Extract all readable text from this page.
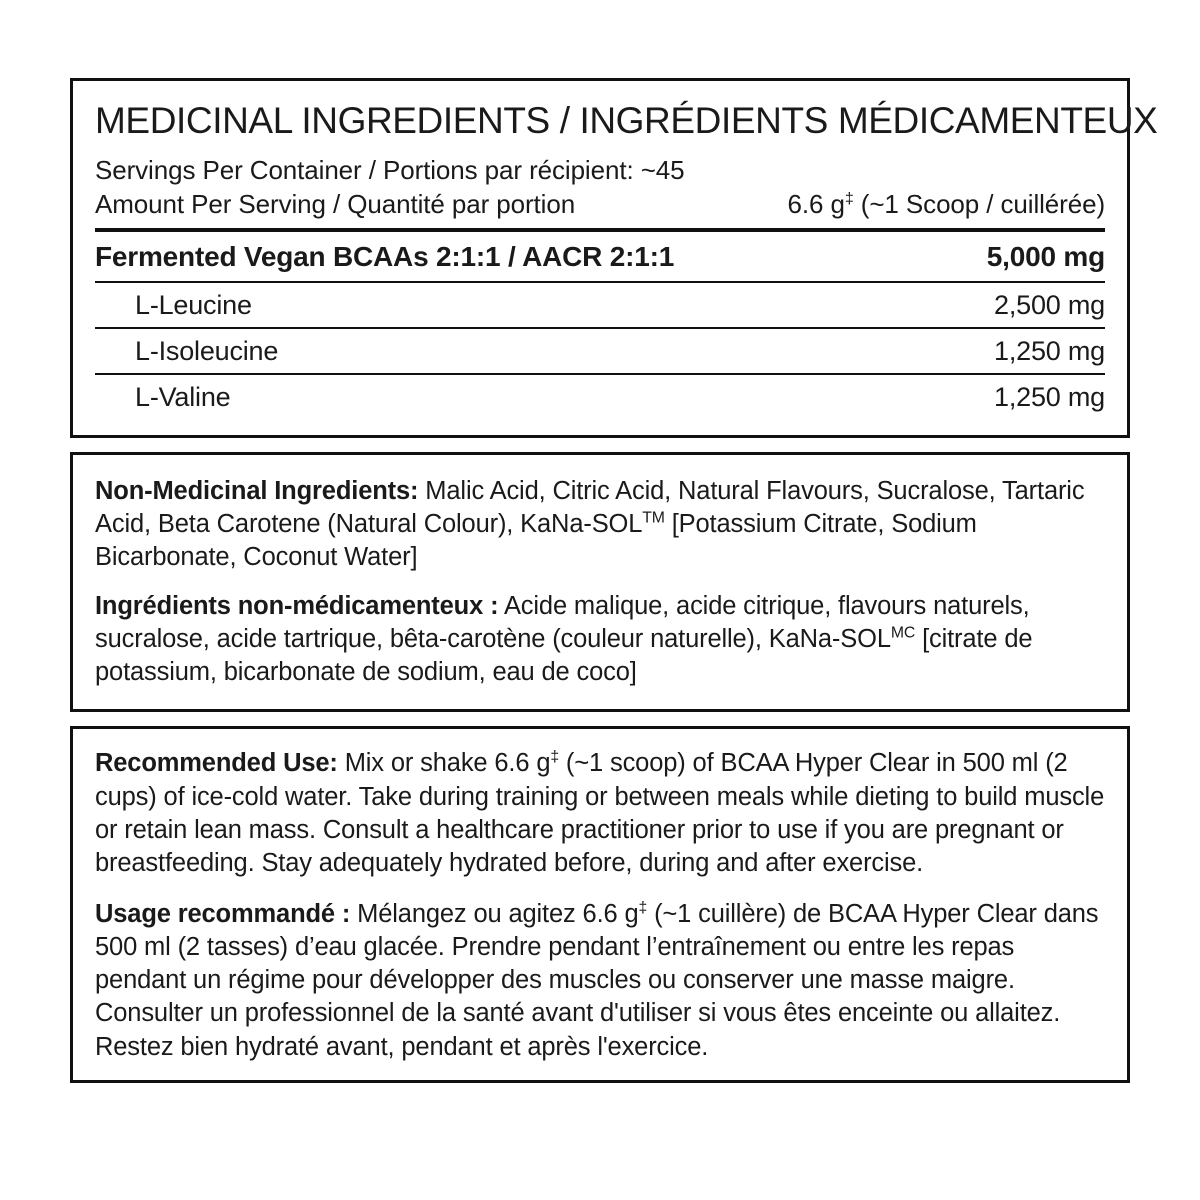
MEDICINAL INGREDIENTS / INGRÉDIENTS MÉDICAMENTEUX
Servings Per Container / Portions par récipient: ~45
Amount Per Serving / Quantité par portion	6.6 g‡ (~1 Scoop / cuillérée)
Fermented Vegan BCAAs 2:1:1 / AACR 2:1:1	5,000 mg
L-Leucine	2,500 mg
L-Isoleucine	1,250 mg
L-Valine	1,250 mg
Non-Medicinal Ingredients: Malic Acid, Citric Acid, Natural Flavours, Sucralose, Tartaric Acid, Beta Carotene (Natural Colour), KaNa-SOL™ [Potassium Citrate, Sodium Bicarbonate, Coconut Water]
Ingrédients non-médicamenteux : Acide malique, acide citrique, flavours naturels, sucralose, acide tartrique, bêta-carotène (couleur naturelle), KaNa-$SOL^{MC}$ [citrate de potassium, bicarbonate de sodium, eau de coco]
Recommended Use: Mix or shake 6.6 g‡ (~1 scoop) of BCAA Hyper Clear in 500 ml (2 cups) of ice-cold water. Take during training or between meals while dieting to build muscle or retain lean mass. Consult a healthcare practitioner prior to use if you are pregnant or breastfeeding. Stay adequately hydrated before, during and after exercise.
Usage recommandé : Mélangez ou agitez 6.6 g‡ (~1 cuillère) de BCAA Hyper Clear dans 500 ml (2 tasses) d’eau glacée. Prendre pendant l’entraînement ou entre les repas pendant un régime pour développer des muscles ou conserver une masse maigre. Consulter un professionnel de la santé avant d'utiliser si vous êtes enceinte ou allaitez. Restez bien hydraté avant, pendant et après l'exercice.
